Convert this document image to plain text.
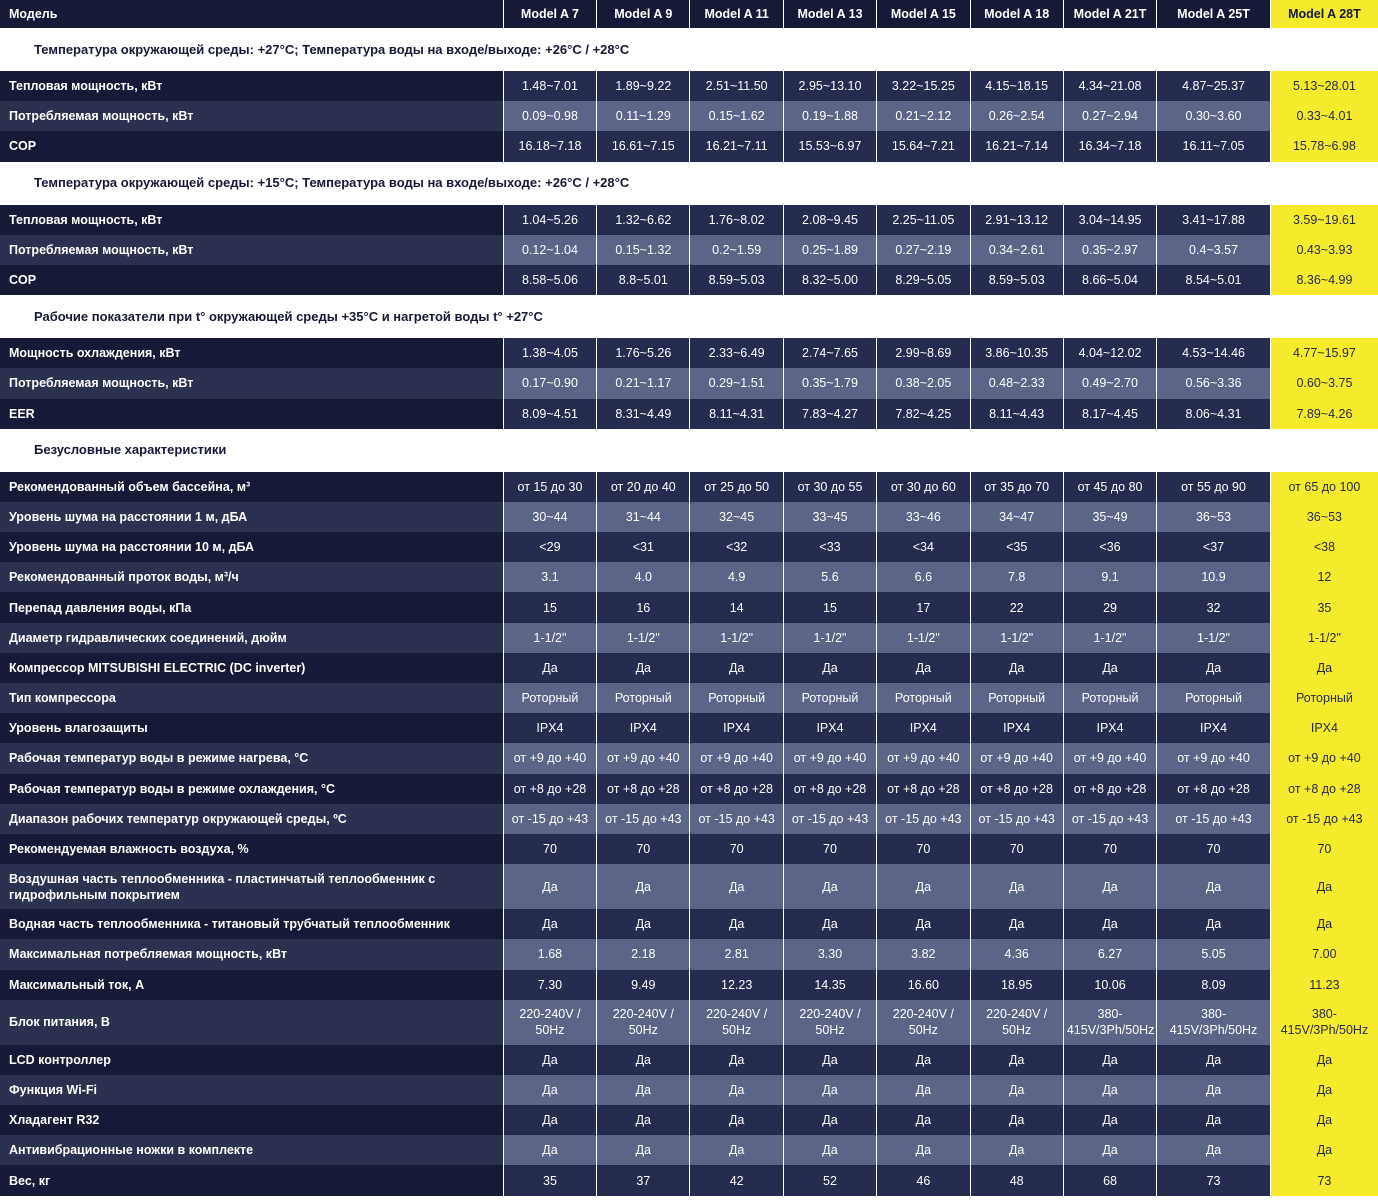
Модель	Model A 7	Model A 9	Model A 11	Model A 13	Model A 15	Model A 18	Model A 21T	Model A 25T	Model A 28T
Температура окружающей среды: +27°C; Температура воды на входе/выходе: +26°C / +28°C									
Тепловая мощность, кВт	1.48~7.01	1.89~9.22	2.51~11.50	2.95~13.10	3.22~15.25	4.15~18.15	4.34~21.08	4.87~25.37	5.13~28.01
Потребляемая мощность, кВт	0.09~0.98	0.11~1.29	0.15~1.62	0.19~1.88	0.21~2.12	0.26~2.54	0.27~2.94	0.30~3.60	0.33~4.01
COP	16.18~7.18	16.61~7.15	16.21~7.11	15.53~6.97	15.64~7.21	16.21~7.14	16.34~7.18	16.11~7.05	15.78~6.98
Температура окружающей среды: +15°C; Температура воды на входе/выходе: +26°C / +28°C									
Тепловая мощность, кВт	1.04~5.26	1.32~6.62	1.76~8.02	2.08~9.45	2.25~11.05	2.91~13.12	3.04~14.95	3.41~17.88	3.59~19.61
Потребляемая мощность, кВт	0.12~1.04	0.15~1.32	0.2~1.59	0.25~1.89	0.27~2.19	0.34~2.61	0.35~2.97	0.4~3.57	0.43~3.93
COP	8.58~5.06	8.8~5.01	8.59~5.03	8.32~5.00	8.29~5.05	8.59~5.03	8.66~5.04	8.54~5.01	8.36~4.99
Рабочие показатели при t° окружающей среды +35°C и нагретой воды t° +27°C									
Мощность охлаждения, кВт	1.38~4.05	1.76~5.26	2.33~6.49	2.74~7.65	2.99~8.69	3.86~10.35	4.04~12.02	4.53~14.46	4.77~15.97
Потребляемая мощность, кВт	0.17~0.90	0.21~1.17	0.29~1.51	0.35~1.79	0.38~2.05	0.48~2.33	0.49~2.70	0.56~3.36	0.60~3.75
EER	8.09~4.51	8.31~4.49	8.11~4.31	7.83~4.27	7.82~4.25	8.11~4.43	8.17~4.45	8.06~4.31	7.89~4.26
Безусловные характеристики									
Рекомендованный объем бассейна, м³	от 15 до 30	от 20 до 40	от 25 до 50	от 30 до 55	от 30 до 60	от 35 до 70	от 45 до 80	от 55 до 90	от 65 до 100
Уровень шума на расстоянии 1 м, дБА	30~44	31~44	32~45	33~45	33~46	34~47	35~49	36~53	36~53
Уровень шума на расстоянии 10 м, дБА	<29	<31	<32	<33	<34	<35	<36	<37	<38
Рекомендованный проток воды, м³/ч	3.1	4.0	4.9	5.6	6.6	7.8	9.1	10.9	12
Перепад давления воды, кПа	15	16	14	15	17	22	29	32	35
Диаметр гидравлических соединений, дюйм	1-1/2"	1-1/2"	1-1/2"	1-1/2"	1-1/2"	1-1/2"	1-1/2"	1-1/2"	1-1/2"
Компрессор MITSUBISHI ELECTRIC (DC inverter)	Да	Да	Да	Да	Да	Да	Да	Да	Да
Тип компрессора	Роторный	Роторный	Роторный	Роторный	Роторный	Роторный	Роторный	Роторный	Роторный
Уровень влагозащиты	IPX4	IPX4	IPX4	IPX4	IPX4	IPX4	IPX4	IPX4	IPX4
Рабочая температур воды в режиме нагрева, °C	от +9 до +40	от +9 до +40	от +9 до +40	от +9 до +40	от +9 до +40	от +9 до +40	от +9 до +40	от +9 до +40	от +9 до +40
Рабочая температур воды в режиме охлаждения, °C	от +8 до +28	от +8 до +28	от +8 до +28	от +8 до +28	от +8 до +28	от +8 до +28	от +8 до +28	от +8 до +28	от +8 до +28
Диапазон рабочих температур окружающей среды, ºC	от -15 до +43	от -15 до +43	от -15 до +43	от -15 до +43	от -15 до +43	от -15 до +43	от -15 до +43	от -15 до +43	от -15 до +43
Рекомендуемая влажность воздуха, %	70	70	70	70	70	70	70	70	70
Воздушная часть теплообменника - пластинчатый теплообменник с гидрофильным покрытием	Да	Да	Да	Да	Да	Да	Да	Да	Да
Водная часть теплообменника - титановый трубчатый теплообменник	Да	Да	Да	Да	Да	Да	Да	Да	Да
Максимальная потребляемая мощность, кВт	1.68	2.18	2.81	3.30	3.82	4.36	6.27	5.05	7.00
Максимальный ток, А	7.30	9.49	12.23	14.35	16.60	18.95	10.06	8.09	11.23
Блок питания, В	220-240V / 50Hz	220-240V / 50Hz	220-240V / 50Hz	220-240V / 50Hz	220-240V / 50Hz	220-240V / 50Hz	380-415V/3Ph/50Hz	380-415V/3Ph/50Hz	380-415V/3Ph/50Hz
LCD контроллер	Да	Да	Да	Да	Да	Да	Да	Да	Да
Функция Wi-Fi	Да	Да	Да	Да	Да	Да	Да	Да	Да
Хладагент R32	Да	Да	Да	Да	Да	Да	Да	Да	Да
Антивибрационные ножки в комплекте	Да	Да	Да	Да	Да	Да	Да	Да	Да
Вес, кг	35	37	42	52	46	48	68	73	73
